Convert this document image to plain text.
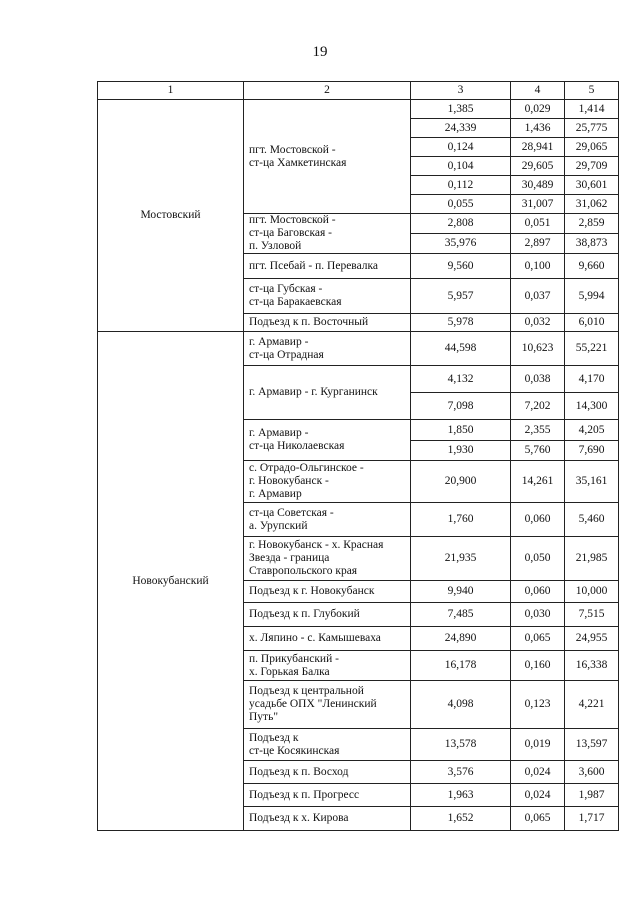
19
1	2	3	4	5
Мостовский	пгт. Мостовской -
ст-ца Хамкетинская	1,385	0,029	1,414
		24,339	1,436	25,775
		0,124	28,941	29,065
		0,104	29,605	29,709
		0,112	30,489	30,601
		0,055	31,007	31,062
	пгт. Мостовской -
ст-ца Баговская -
п. Узловой	2,808	0,051	2,859
		35,976	2,897	38,873
	пгт. Псебай - п. Перевалка	9,560	0,100	9,660
	ст-ца Губская -
ст-ца Баракаевская	5,957	0,037	5,994
	Подъезд к п. Восточный	5,978	0,032	6,010
Новокубанский	г. Армавир -
ст-ца Отрадная	44,598	10,623	55,221
	г. Армавир - г. Курганинск	4,132	0,038	4,170
		7,098	7,202	14,300
	г. Армавир -
ст-ца Николаевская	1,850	2,355	4,205
		1,930	5,760	7,690
	с. Отрадо-Ольгинское -
г. Новокубанск -
г. Армавир	20,900	14,261	35,161
	ст-ца Советская -
а. Урупский	1,760	0,060	5,460
	г. Новокубанск - х. Красная
Звезда - граница
Ставропольского края	21,935	0,050	21,985
	Подъезд к г. Новокубанск	9,940	0,060	10,000
	Подъезд к п. Глубокий	7,485	0,030	7,515
	х. Ляпино - с. Камышеваха	24,890	0,065	24,955
	п. Прикубанский -
х. Горькая Балка	16,178	0,160	16,338
	Подъезд к центральной
усадьбе ОПХ "Ленинский
Путь"	4,098	0,123	4,221
	Подъезд к
ст-це Косякинская	13,578	0,019	13,597
	Подъезд к п. Восход	3,576	0,024	3,600
	Подъезд к п. Прогресс	1,963	0,024	1,987
	Подъезд к х. Кирова	1,652	0,065	1,717
